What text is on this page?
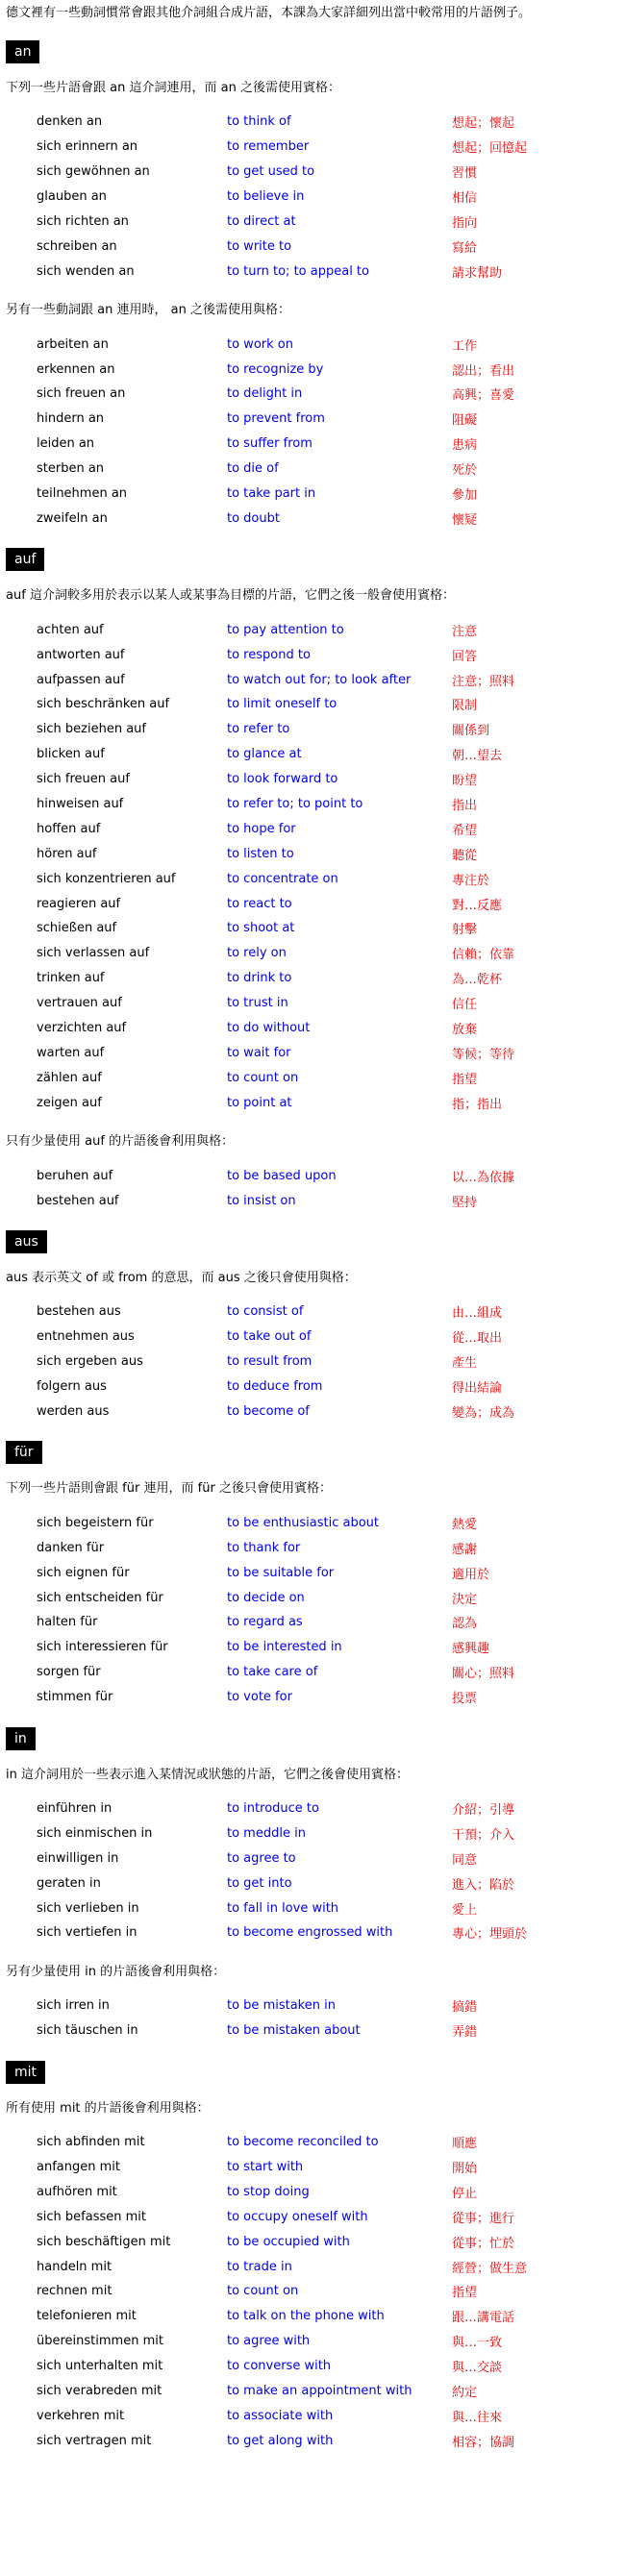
德文裡有一些動詞慣常會跟其他介詞組合成片語，本課為大家詳細列出當中較常用的片語例子。

an

下列一些片語會跟 an 這介詞連用，而 an 之後需使用賓格：

denken an	to think of	想起；懷起
sich erinnern an	to remember	想起；回憶起
sich gewöhnen an	to get used to	習慣
glauben an	to believe in	相信
sich richten an	to direct at	指向
schreiben an	to write to	寫給
sich wenden an	to turn to; to appeal to	請求幫助

另有一些動詞跟 an 連用時， an 之後需使用與格：

arbeiten an	to work on	工作
erkennen an	to recognize by	認出；看出
sich freuen an	to delight in	高興；喜愛
hindern an	to prevent from	阻礙
leiden an	to suffer from	患病
sterben an	to die of	死於
teilnehmen an	to take part in	參加
zweifeln an	to doubt	懷疑
auf

auf 這介詞較多用於表示以某人或某事為目標的片語，它們之後一般會使用賓格：

achten auf	to pay attention to	注意
antworten auf	to respond to	回答
aufpassen auf	to watch out for; to look after	注意；照料
sich beschränken auf	to limit oneself to	限制
sich beziehen auf	to refer to	關係到
blicken auf	to glance at	朝…望去
sich freuen auf	to look forward to	盼望
hinweisen auf	to refer to; to point to	指出
hoffen auf	to hope for	希望
hören auf	to listen to	聽從
sich konzentrieren auf	to concentrate on	專注於
reagieren auf	to react to	對…反應
schießen auf	to shoot at	射擊
sich verlassen auf	to rely on	信賴；依靠
trinken auf	to drink to	為…乾杯
vertrauen auf	to trust in	信任
verzichten auf	to do without	放棄
warten auf	to wait for	等候；等待
zählen auf	to count on	指望
zeigen auf	to point at	指；指出

只有少量使用 auf 的片語後會利用與格：

beruhen auf	to be based upon	以…為依據
bestehen auf	to insist on	堅持
aus

aus 表示英文 of 或 from 的意思，而 aus 之後只會使用與格：

bestehen aus	to consist of	由…組成
entnehmen aus	to take out of	從…取出
sich ergeben aus	to result from	產生
folgern aus	to deduce from	得出結論
werden aus	to become of	變為；成為
für

下列一些片語則會跟 für 連用，而 für 之後只會使用賓格：

sich begeistern für	to be enthusiastic about	熱愛
danken für	to thank for	感謝
sich eignen für	to be suitable for	適用於
sich entscheiden für	to decide on	決定
halten für	to regard as	認為
sich interessieren für	to be interested in	感興趣
sorgen für	to take care of	關心；照料
stimmen für	to vote for	投票
in

in 這介詞用於一些表示進入某情況或狀態的片語，它們之後會使用賓格：

einführen in	to introduce to	介紹；引導
sich einmischen in	to meddle in	干預；介入
einwilligen in	to agree to	同意
geraten in	to get into	進入；陷於
sich verlieben in	to fall in love with	愛上
sich vertiefen in	to become engrossed with	專心；埋頭於

另有少量使用 in 的片語後會利用與格：

sich irren in	to be mistaken in	搞錯
sich täuschen in	to be mistaken about	弄錯
mit

所有使用 mit 的片語後會利用與格：

sich abfinden mit	to become reconciled to	順應
anfangen mit	to start with	開始
aufhören mit	to stop doing	停止
sich befassen mit	to occupy oneself with	從事；進行
sich beschäftigen mit	to be occupied with	從事；忙於
handeln mit	to trade in	經營；做生意
rechnen mit	to count on	指望
telefonieren mit	to talk on the phone with	跟…講電話
übereinstimmen mit	to agree with	與…一致
sich unterhalten mit	to converse with	與…交談
sich verabreden mit	to make an appointment with	約定
verkehren mit	to associate with	與…往來
sich vertragen mit	to get along with	相容；協調
